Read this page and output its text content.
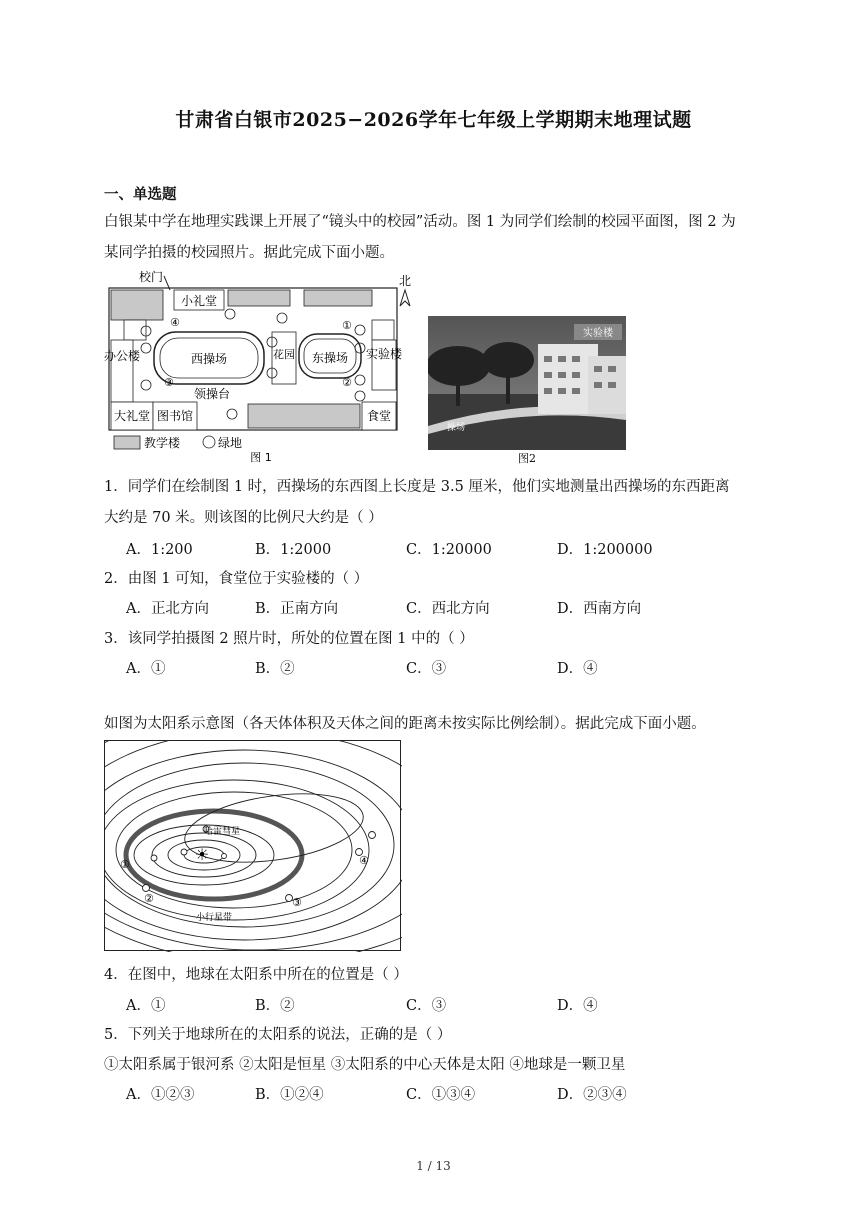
甘肃省白银市2025−2026学年七年级上学期期末地理试题
一、单选题
白银某中学在地理实践课上开展了“镜头中的校园”活动。图 1 为同学们绘制的校园平面图，图 2 为
某同学拍摄的校园照片。据此完成下面小题。
北
校门
小礼堂
办公楼	西操场	花园 东操场 实验楼
领操台
大礼堂 图书馆	食堂
④	①
③	②
教学楼	绿地
图 1
实验楼
操场
图2
1．同学们在绘制图 1 时，西操场的东西图上长度是 3.5 厘米，他们实地测量出西操场的东西距离
大约是 70 米。则该图的比例尺大约是（ ）
A．1:200	B．1:2000	C．1:20000	D．1:200000
2．由图 1 可知，食堂位于实验楼的（ ）
A．正北方向	B．正南方向	C．西北方向	D．西南方向
3．该同学拍摄图 2 照片时，所处的位置在图 1 中的（ ）
A．①	B．②	C．③	D．④
如图为太阳系示意图（各天体体积及天体之间的距离未按实际比例绘制）。据此完成下面小题。
☀
哈雷彗星
小行星带
①
②	③
④
4．在图中，地球在太阳系中所在的位置是（ ）
A．①	B．②	C．③	D．④
5．下列关于地球所在的太阳系的说法，正确的是（ ）
①太阳系属于银河系 ②太阳是恒星 ③太阳系的中心天体是太阳 ④地球是一颗卫星
A．①②③	B．①②④	C．①③④	D．②③④
1 / 13
